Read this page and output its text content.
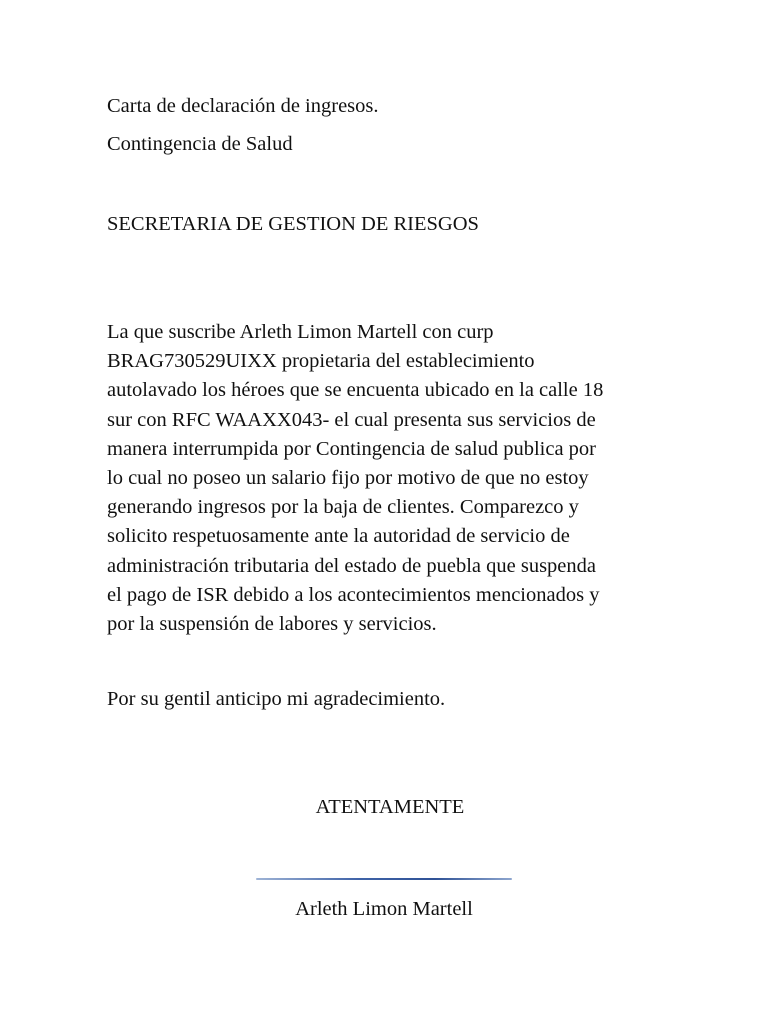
Carta de declaración de ingresos.

Contingencia de Salud

SECRETARIA DE GESTION DE RIESGOS

La que suscribe Arleth Limon Martell con curp
BRAG730529UIXX propietaria del establecimiento
autolavado los héroes que se encuenta ubicado en la calle 18
sur con RFC WAAXX043- el cual presenta sus servicios de
manera interrumpida por Contingencia de salud publica por
lo cual no poseo un salario fijo por motivo de que no estoy
generando ingresos por la baja de clientes. Comparezco y
solicito respetuosamente ante la autoridad de servicio de
administración tributaria del estado de puebla que suspenda
el pago de ISR debido a los acontecimientos mencionados y
por la suspensión de labores y servicios.

Por su gentil anticipo mi agradecimiento.

ATENTAMENTE

Arleth Limon Martell
